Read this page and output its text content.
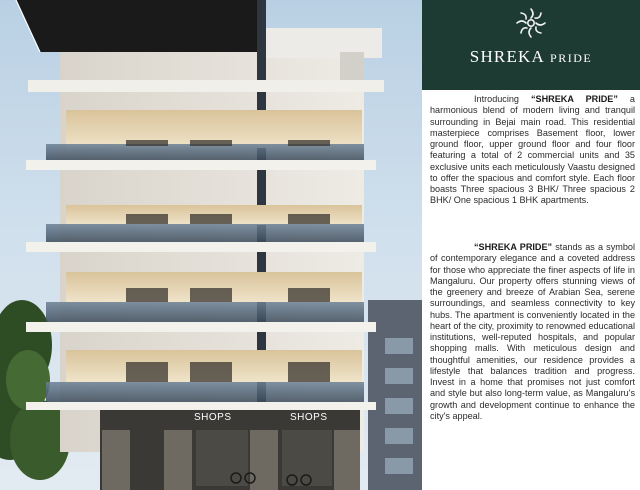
SHOPS	SHOPS
SHREKA PRIDE

Introducing “SHREKA PRIDE” a harmonious blend of modern living and tranquil surrounding in Bejai main road. This residential masterpiece comprises Basement floor, lower ground floor, upper ground floor and four floor featuring a total of 2 commercial units and 35 exclusive units each meticulously Vaastu designed to offer the spacious and comfort style. Each floor boasts Three spacious 3 BHK/ Three spacious 2 BHK/ One spacious 1 BHK apartments.

“SHREKA PRIDE” stands as a symbol of contemporary elegance and a coveted address for those who appreciate the finer aspects of life in Mangaluru. Our property offers stunning views of the greenery and breeze of Arabian Sea, serene surroundings, and seamless connectivity to key hubs. The apartment is conveniently located in the heart of the city, proximity to renowned educational institutions, well-reputed hospitals, and popular shopping malls. With meticulous design and thoughtful amenities, our residence provides a lifestyle that balances tradition and progress. Invest in a home that promises not just comfort and style but also long-term value, as Mangaluru's growth and development continue to enhance the city's appeal.
